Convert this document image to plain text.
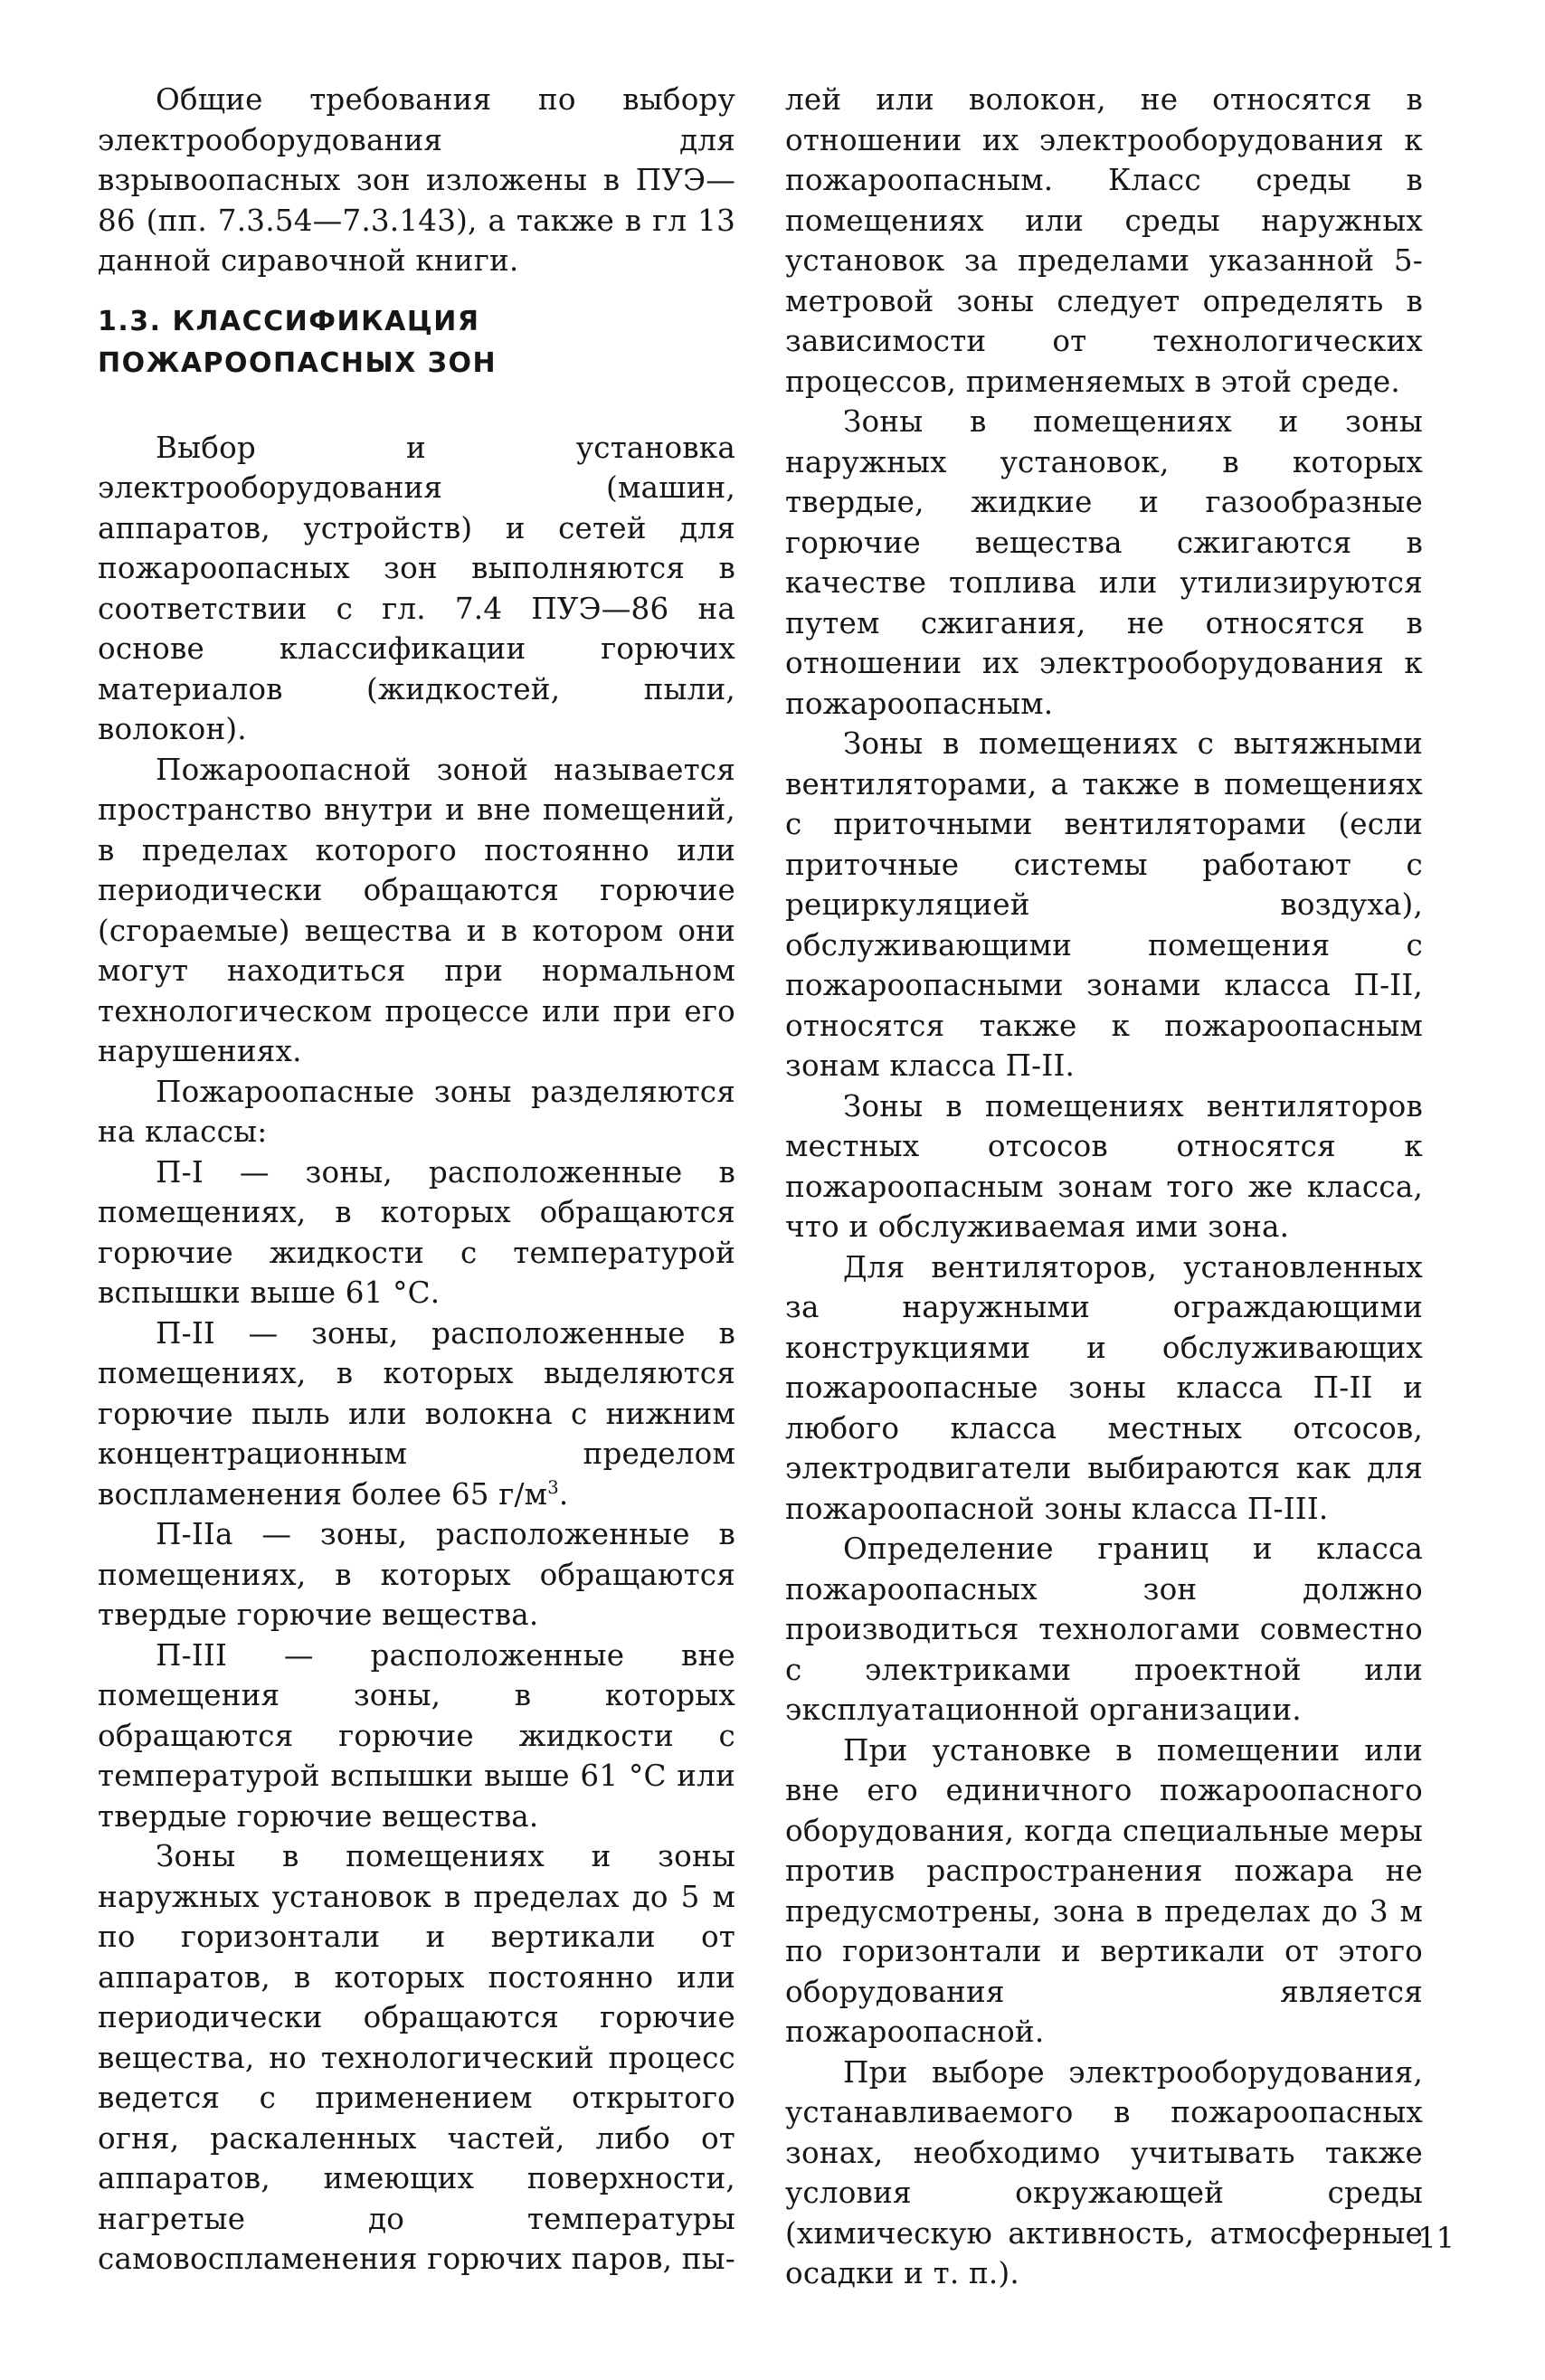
Общие требования по выбору электрооборудования для взрывоопасных зон изложены в ПУЭ—86 (пп. 7.3.54—7.3.143), а также в гл 13 данной сиравочной книги.

1.3. КЛАССИФИКАЦИЯ
ПОЖАРООПАСНЫХ ЗОН

Выбор и установка электрооборудования (машин, аппаратов, устройств) и сетей для пожароопасных зон выполняются в соответствии с гл. 7.4 ПУЭ—86 на основе классификации горючих материалов (жидкостей, пыли, волокон).

Пожароопасной зоной называется пространство внутри и вне помещений, в пределах которого постоянно или периодически обращаются горючие (сгораемые) вещества и в котором они могут находиться при нормальном технологическом процессе или при его нарушениях.

Пожароопасные зоны разделяются на классы:

П-I — зоны, расположенные в помещениях, в которых обращаются горючие жидкости с температурой вспышки выше 61 °С.

П-II — зоны, расположенные в помещениях, в которых выделяются горючие пыль или волокна с нижним концентрационным пределом воспламенения более 65 $г/м^3$.

П-IIа — зоны, расположенные в помещениях, в которых обращаются твердые горючие вещества.

П-III — расположенные вне помещения зоны, в которых обращаются горючие жидкости с температурой вспышки выше 61 °С или твердые горючие вещества.

Зоны в помещениях и зоны наружных установок в пределах до 5 м по горизонтали и вертикали от аппаратов, в которых постоянно или периодически обращаются горючие вещества, но технологический процесс ведется с применением открытого огня, раскаленных частей, либо от аппаратов, имеющих поверхности, нагретые до температуры самовоспламенения горючих паров, пы-

лей или волокон, не относятся в отношении их электрооборудования к пожароопасным. Класс среды в помещениях или среды наружных установок за пределами указанной 5-метровой зоны следует определять в зависимости от технологических процессов, применяемых в этой среде.

Зоны в помещениях и зоны наружных установок, в которых твердые, жидкие и газообразные горючие вещества сжигаются в качестве топлива или утилизируются путем сжигания, не относятся в отношении их электрооборудования к пожароопасным.

Зоны в помещениях с вытяжными вентиляторами, а также в помещениях с приточными вентиляторами (если приточные системы работают с рециркуляцией воздуха), обслуживающими помещения с пожароопасными зонами класса П-II, относятся также к пожароопасным зонам класса П-II.

Зоны в помещениях вентиляторов местных отсосов относятся к пожароопасным зонам того же класса, что и обслуживаемая ими зона.

Для вентиляторов, установленных за наружными ограждающими конструкциями и обслуживающих пожароопасные зоны класса П-II и любого класса местных отсосов, электродвигатели выбираются как для пожароопасной зоны класса П-III.

Определение границ и класса пожароопасных зон должно производиться технологами совместно с электриками проектной или эксплуатационной организации.

При установке в помещении или вне его единичного пожароопасного оборудования, когда специальные меры против распространения пожара не предусмотрены, зона в пределах до 3 м по горизонтали и вертикали от этого оборудования является пожароопасной.

При выборе электрооборудования, устанавливаемого в пожароопасных зонах, необходимо учитывать также условия окружающей среды (химическую активность, атмосферные осадки и т. п.).

11
